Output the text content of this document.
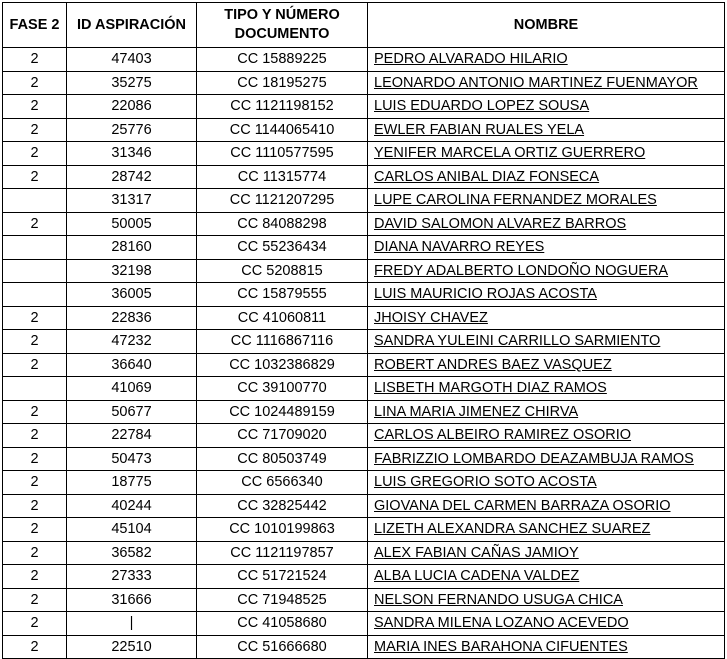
FASE 2	ID ASPIRACIÓN	TIPO Y NÚMERO DOCUMENTO	NOMBRE
2	47403	CC 15889225	PEDRO ALVARADO HILARIO
2	35275	CC 18195275	LEONARDO ANTONIO MARTINEZ FUENMAYOR
2	22086	CC 1121198152	LUIS EDUARDO LOPEZ SOUSA
2	25776	CC 1144065410	EWLER FABIAN RUALES YELA
2	31346	CC 1110577595	YENIFER MARCELA ORTIZ GUERRERO
2	28742	CC 11315774	CARLOS ANIBAL DIAZ FONSECA
	31317	CC 1121207295	LUPE CAROLINA FERNANDEZ MORALES
2	50005	CC 84088298	DAVID SALOMON ALVAREZ BARROS
	28160	CC 55236434	DIANA NAVARRO REYES
	32198	CC 5208815	FREDY ADALBERTO LONDOÑO NOGUERA
	36005	CC 15879555	LUIS MAURICIO ROJAS ACOSTA
2	22836	CC 41060811	JHOISY CHAVEZ
2	47232	CC 1116867116	SANDRA YULEINI CARRILLO SARMIENTO
2	36640	CC 1032386829	ROBERT ANDRES BAEZ VASQUEZ
	41069	CC 39100770	LISBETH MARGOTH DIAZ RAMOS
2	50677	CC 1024489159	LINA MARIA JIMENEZ CHIRVA
2	22784	CC 71709020	CARLOS ALBEIRO RAMIREZ OSORIO
2	50473	CC 80503749	FABRIZZIO LOMBARDO DEAZAMBUJA RAMOS
2	18775	CC 6566340	LUIS GREGORIO SOTO ACOSTA
2	40244	CC 32825442	GIOVANA DEL CARMEN BARRAZA OSORIO
2	45104	CC 1010199863	LIZETH ALEXANDRA SANCHEZ SUAREZ
2	36582	CC 1121197857	ALEX FABIAN CAÑAS JAMIOY
2	27333	CC 51721524	ALBA LUCIA CADENA VALDEZ
2	31666	CC 71948525	NELSON FERNANDO USUGA CHICA
2	|	CC 41058680	SANDRA MILENA LOZANO ACEVEDO
2	22510	CC 51666680	MARIA INES BARAHONA CIFUENTES
